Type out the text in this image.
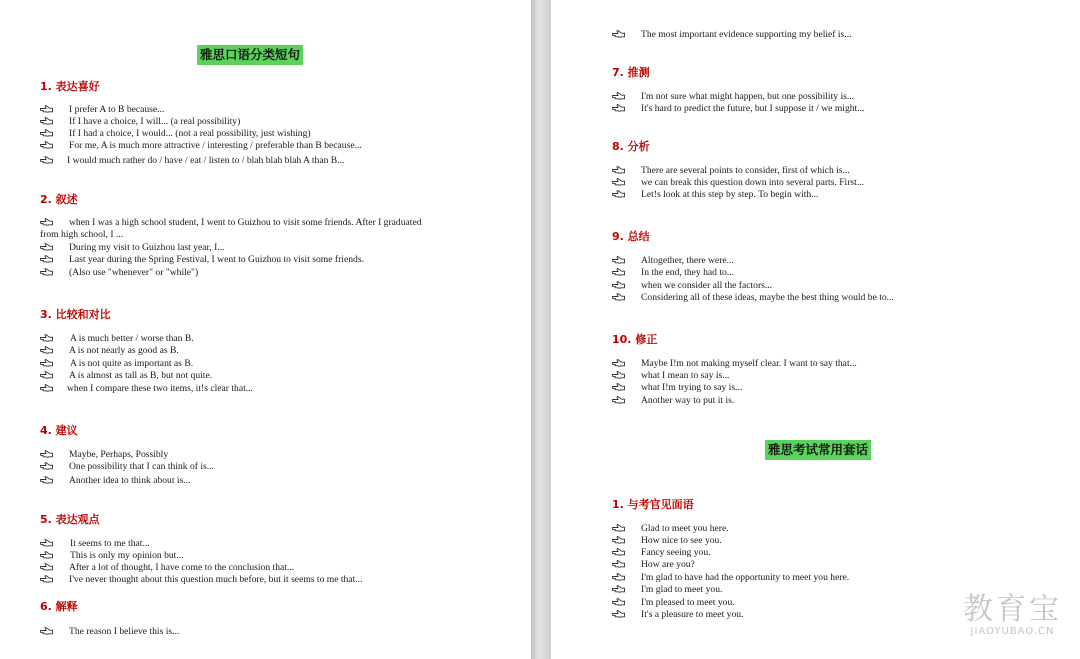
雅思口语分类短句
1. 表达喜好
I prefer A to B because...
If I have a choice, I will... (a real possibility)
If I had a choice, I would... (not a real possibility, just wishing)
For me, A is much more attractive / interesting / preferable than B because...
I would much rather do / have / eat / listen to / blah blah blah A than B...
2. 叙述
when I was a high school student, I went to Guizhou to visit some friends. After I graduated
from high school, I ...
During my visit to Guizhou last year, I...
Last year during the Spring Festival, I went to Guizhou to visit some friends.
(Also use "whenever" or "while")
3. 比较和对比
A is much better / worse than B.
A is not nearly as good as B.
A is not quite as important as B.
A is almost as tall as B, but not quite.
when I compare these two items, it!s clear that...
4. 建议
Maybe, Perhaps, Possibly
One possibility that I can think of is...
Another idea to think about is...
5. 表达观点
It seems to me that...
This is only my opinion but...
After a lot of thought, I have come to the conclusion that...
I've never thought about this question much before, but it seems to me that...
6. 解释
The reason I believe this is...
The most important evidence supporting my belief is...
7. 推测
I'm not sure what might happen, but one possibility is...
It's hard to predict the future, but I suppose it / we might...
8. 分析
There are several points to consider, first of which is...
we can break this question down into several parts. First...
Let!s look at this step by step. To begin with...
9. 总结
Altogether, there were...
In the end, they had to...
when we consider all the factors...
Considering all of these ideas, maybe the best thing would be to...
10. 修正
Maybe I!m not making myself clear. I want to say that...
what I mean to say is...
what I!m trying to say is...
Another way to put it is.
雅思考试常用套话
1. 与考官见面语
Glad to meet you here.
How nice to see you.
Fancy seeing you.
How are you?
I'm glad to have had the opportunity to meet you here.
I'm glad to meet you.
I'm pleased to meet you.
It's a pleasure to meet you.	教育宝
JIAOYUBAO.CN
